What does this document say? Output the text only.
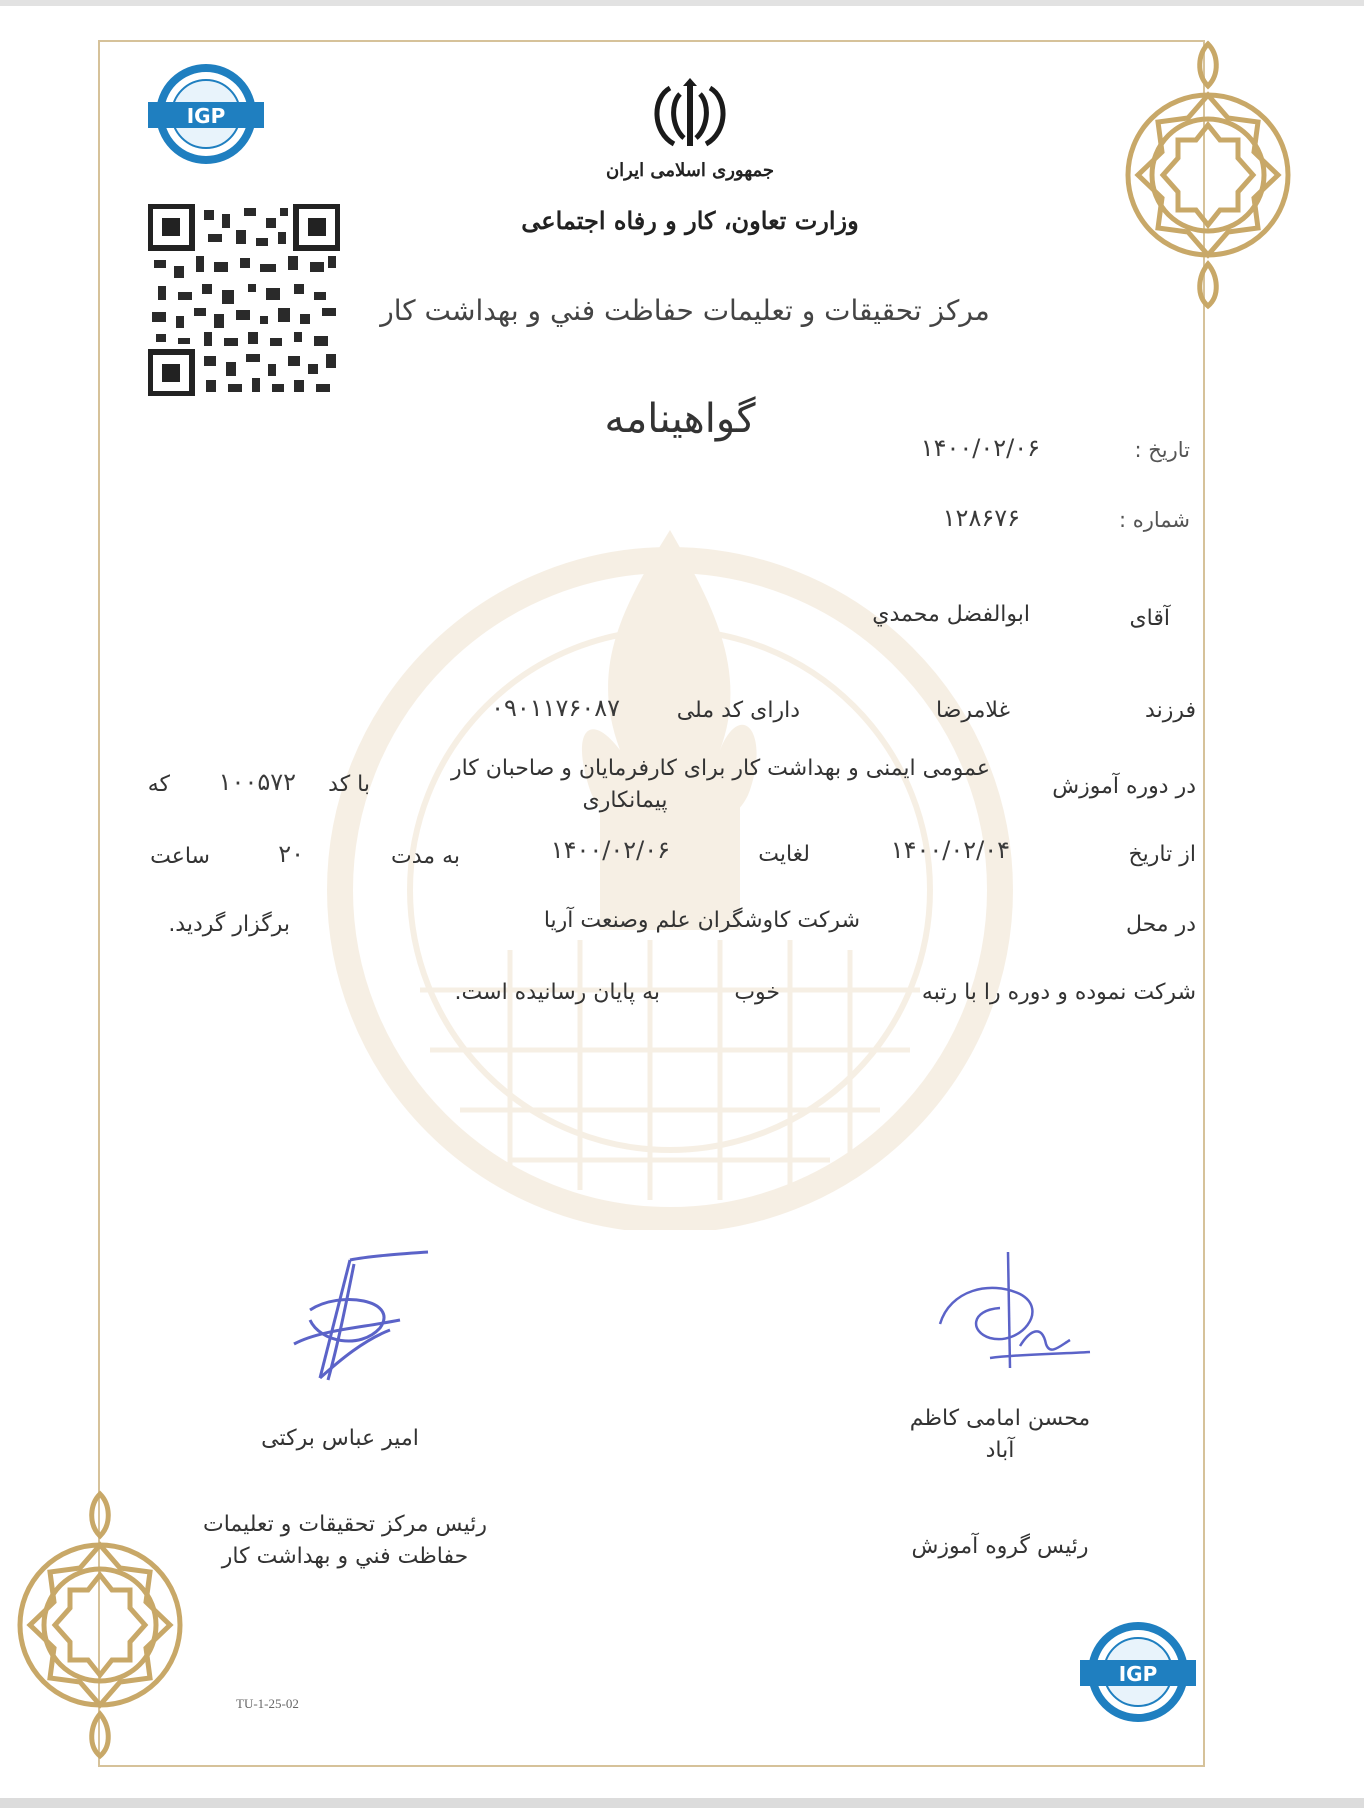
IGP
جمهوری اسلامی ایران
وزارت تعاون، کار و رفاه اجتماعی
مرکز تحقیقات و تعلیمات حفاظت فني و بهداشت کار
گواهینامه
تاریخ :
۱۴۰۰/۰۲/۰۶
شماره :
۱۲۸۶۷۶
آقای
ابوالفضل محمدي
فرزند
غلامرضا
دارای کد ملی
۰۹۰۱۱۷۶۰۸۷
در دوره آموزش
عمومی ایمنی و بهداشت کار برای کارفرمایان و صاحبان کار
پیمانکاری
با کد
۱۰۰۵۷۲
که
از تاریخ
۱۴۰۰/۰۲/۰۴
لغایت
۱۴۰۰/۰۲/۰۶
به مدت
۲۰
ساعت
در محل
شرکت کاوشگران علم وصنعت آریا
برگزار گردید.
شرکت نموده و دوره را با رتبه
خوب
به پایان رسانیده است.
امیر عباس برکتی
رئیس مرکز تحقیقات و تعلیمات
حفاظت فني و بهداشت کار
محسن امامی کاظم
آباد
رئیس گروه آموزش
TU-1-25-02
IGP
